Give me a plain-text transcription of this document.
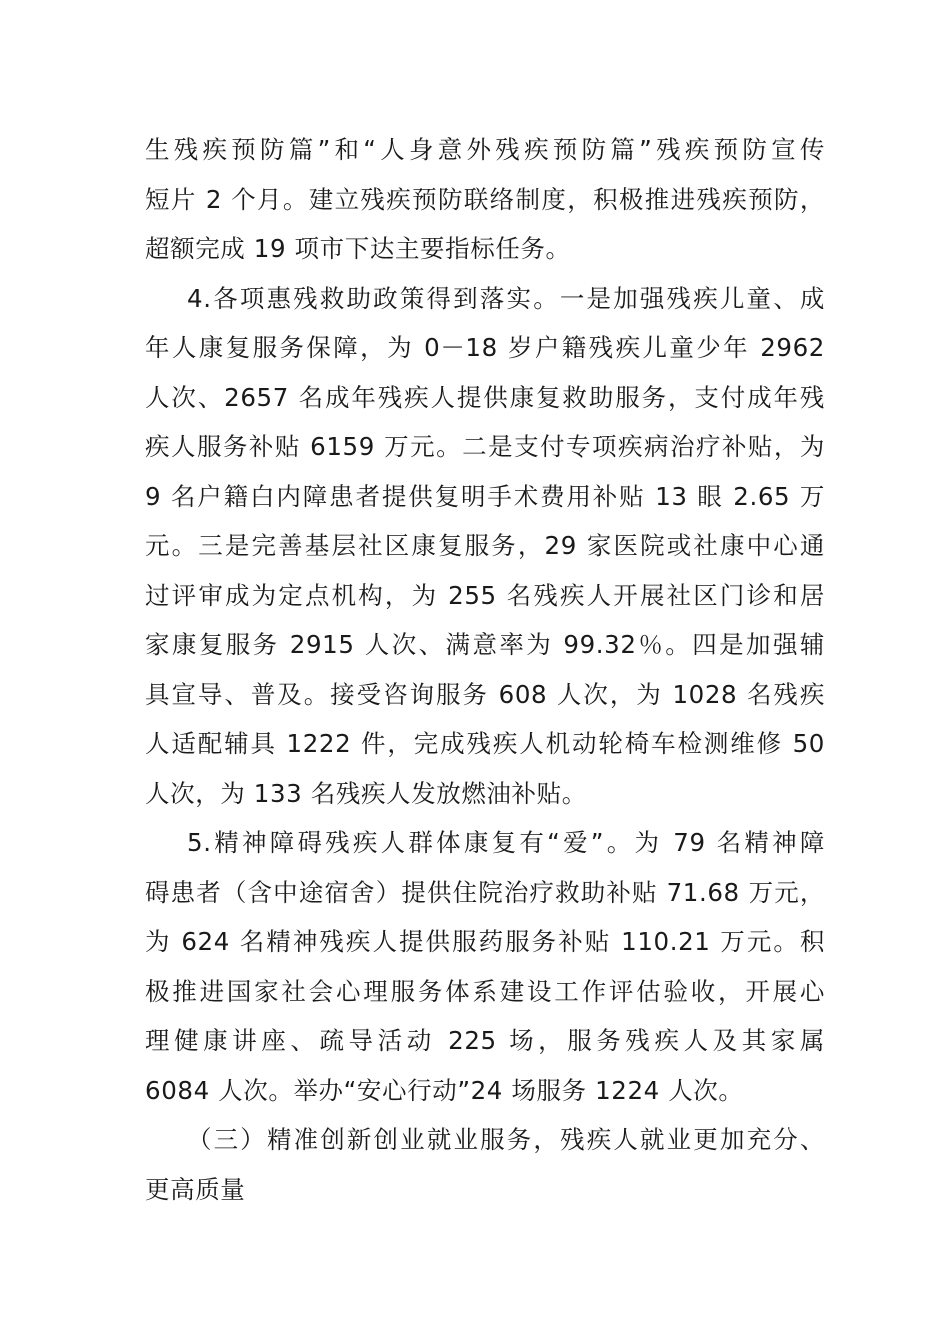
生残疾预防篇”和“人身意外残疾预防篇”残疾预防宣传
短片 2 个月。建立残疾预防联络制度，积极推进残疾预防，
超额完成 19 项市下达主要指标任务。

4.各项惠残救助政策得到落实。一是加强残疾儿童、成
年人康复服务保障，为 0－18 岁户籍残疾儿童少年 2962
人次、2657 名成年残疾人提供康复救助服务，支付成年残
疾人服务补贴 6159 万元。二是支付专项疾病治疗补贴，为
9 名户籍白内障患者提供复明手术费用补贴 13 眼 2.65 万
元。三是完善基层社区康复服务，29 家医院或社康中心通
过评审成为定点机构，为 255 名残疾人开展社区门诊和居
家康复服务 2915 人次、满意率为 99.32％。四是加强辅
具宣导、普及。接受咨询服务 608 人次，为 1028 名残疾
人适配辅具 1222 件，完成残疾人机动轮椅车检测维修 50
人次，为 133 名残疾人发放燃油补贴。

5.精神障碍残疾人群体康复有“爱”。为 79 名精神障
碍患者（含中途宿舍）提供住院治疗救助补贴 71.68 万元，
为 624 名精神残疾人提供服药服务补贴 110.21 万元。积
极推进国家社会心理服务体系建设工作评估验收，开展心
理健康讲座、疏导活动 225 场，服务残疾人及其家属
6084 人次。举办“安心行动”24 场服务 1224 人次。

（三）精准创新创业就业服务，残疾人就业更加充分、
更高质量
